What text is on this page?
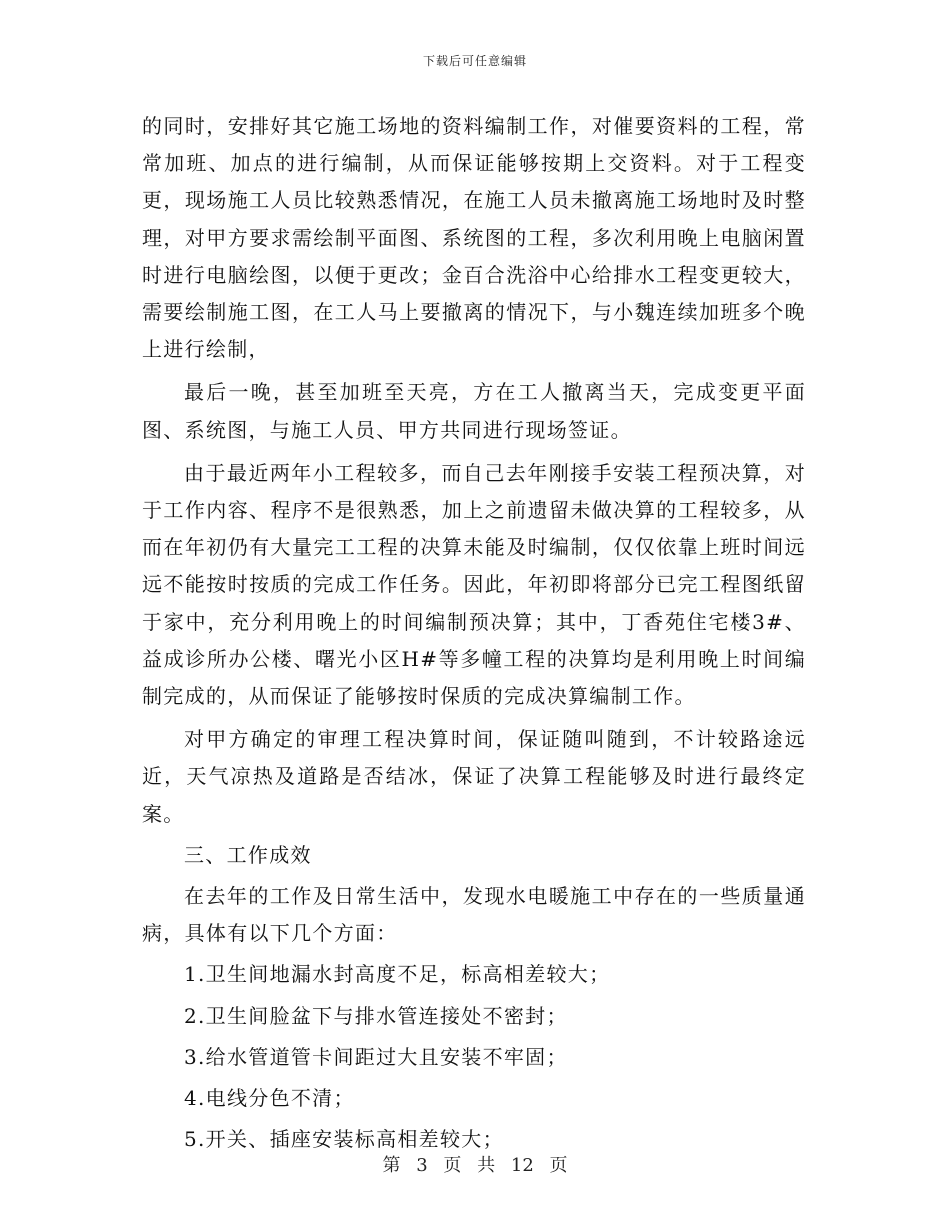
下载后可任意编辑

的同时，安排好其它施工场地的资料编制工作，对催要资料的工程，常常加班、加点的进行编制，从而保证能够按期上交资料。对于工程变更，现场施工人员比较熟悉情况，在施工人员未撤离施工场地时及时整理，对甲方要求需绘制平面图、系统图的工程，多次利用晚上电脑闲置时进行电脑绘图，以便于更改；金百合洗浴中心给排水工程变更较大，需要绘制施工图，在工人马上要撤离的情况下，与小魏连续加班多个晚上进行绘制，

最后一晚，甚至加班至天亮，方在工人撤离当天，完成变更平面图、系统图，与施工人员、甲方共同进行现场签证。

由于最近两年小工程较多，而自己去年刚接手安装工程预决算，对于工作内容、程序不是很熟悉，加上之前遗留未做决算的工程较多，从而在年初仍有大量完工工程的决算未能及时编制，仅仅依靠上班时间远远不能按时按质的完成工作任务。因此，年初即将部分已完工程图纸留于家中，充分利用晚上的时间编制预决算；其中，丁香苑住宅楼3#、益成诊所办公楼、曙光小区H#等多幢工程的决算均是利用晚上时间编制完成的，从而保证了能够按时保质的完成决算编制工作。

对甲方确定的审理工程决算时间，保证随叫随到，不计较路途远近，天气凉热及道路是否结冰，保证了决算工程能够及时进行最终定案。

三、工作成效

在去年的工作及日常生活中，发现水电暖施工中存在的一些质量通病，具体有以下几个方面：

1.卫生间地漏水封高度不足，标高相差较大；
2.卫生间脸盆下与排水管连接处不密封；
3.给水管道管卡间距过大且安装不牢固；
4.电线分色不清；
5.开关、插座安装标高相差较大；
第 3 页 共 12 页
